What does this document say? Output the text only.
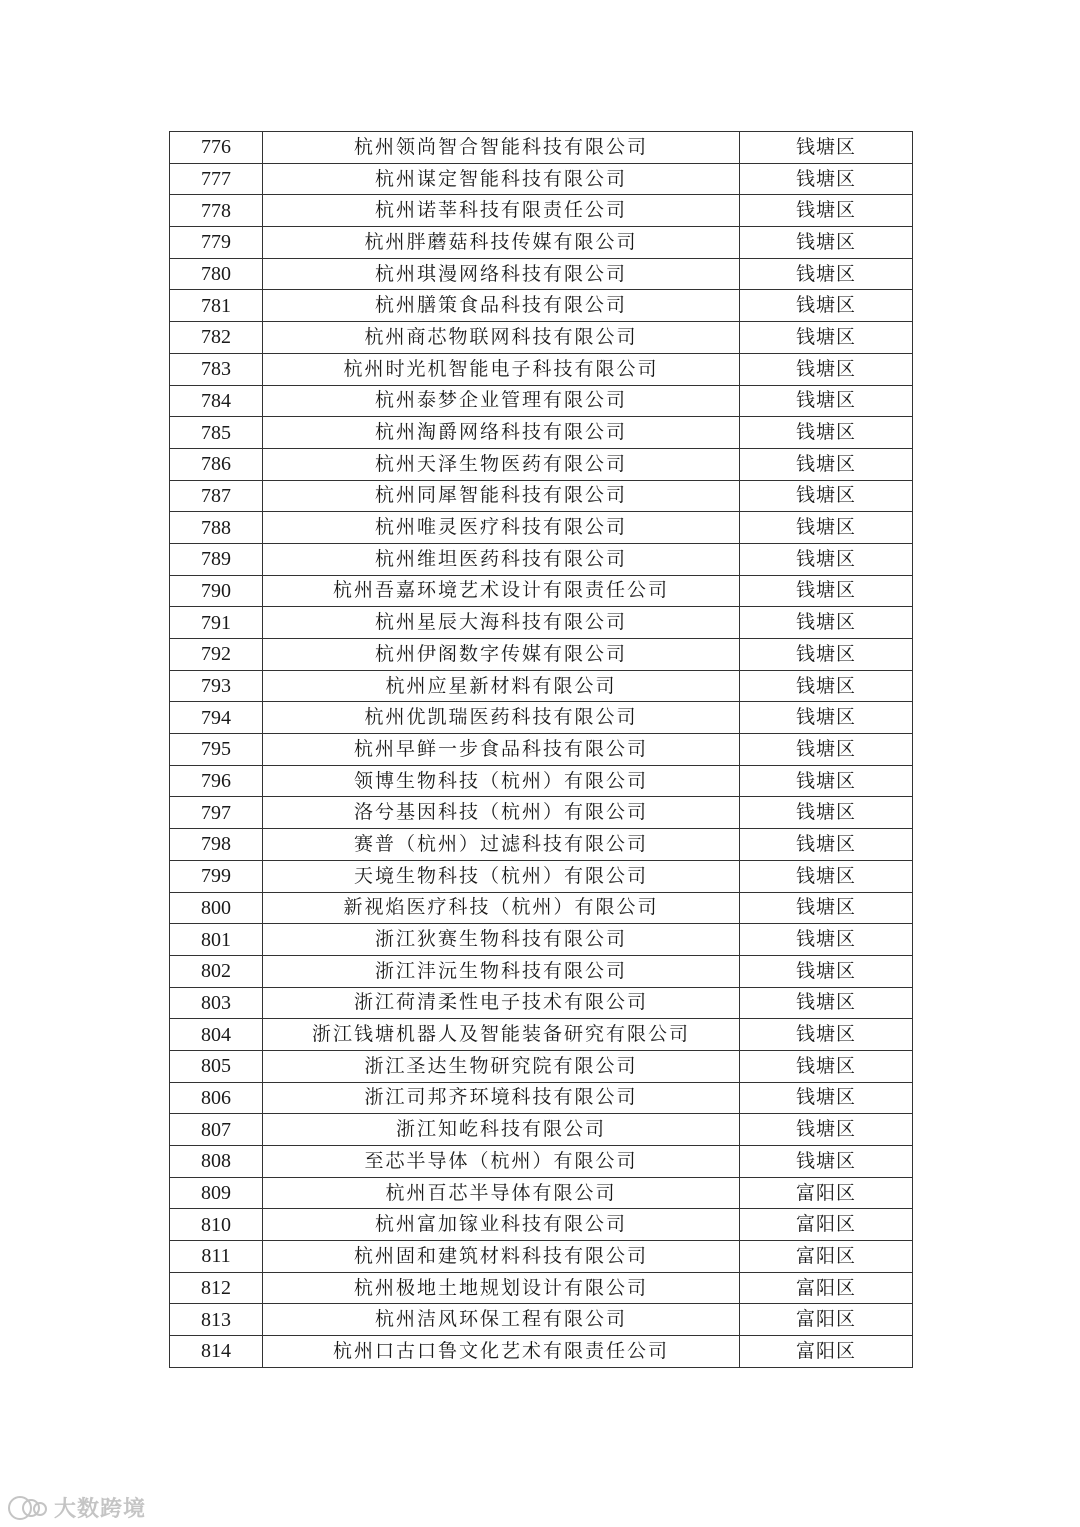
776	杭州领尚智合智能科技有限公司	钱塘区
777	杭州谋定智能科技有限公司	钱塘区
778	杭州诺莘科技有限责任公司	钱塘区
779	杭州胖蘑菇科技传媒有限公司	钱塘区
780	杭州琪漫网络科技有限公司	钱塘区
781	杭州膳策食品科技有限公司	钱塘区
782	杭州商芯物联网科技有限公司	钱塘区
783	杭州时光机智能电子科技有限公司	钱塘区
784	杭州泰梦企业管理有限公司	钱塘区
785	杭州淘爵网络科技有限公司	钱塘区
786	杭州天泽生物医药有限公司	钱塘区
787	杭州同犀智能科技有限公司	钱塘区
788	杭州唯灵医疗科技有限公司	钱塘区
789	杭州维坦医药科技有限公司	钱塘区
790	杭州吾嘉环境艺术设计有限责任公司	钱塘区
791	杭州星辰大海科技有限公司	钱塘区
792	杭州伊阁数字传媒有限公司	钱塘区
793	杭州应星新材料有限公司	钱塘区
794	杭州优凯瑞医药科技有限公司	钱塘区
795	杭州早鲜一步食品科技有限公司	钱塘区
796	领博生物科技（杭州）有限公司	钱塘区
797	洛兮基因科技（杭州）有限公司	钱塘区
798	赛普（杭州）过滤科技有限公司	钱塘区
799	天境生物科技（杭州）有限公司	钱塘区
800	新视焰医疗科技（杭州）有限公司	钱塘区
801	浙江狄赛生物科技有限公司	钱塘区
802	浙江沣沅生物科技有限公司	钱塘区
803	浙江荷清柔性电子技术有限公司	钱塘区
804	浙江钱塘机器人及智能装备研究有限公司	钱塘区
805	浙江圣达生物研究院有限公司	钱塘区
806	浙江司邦齐环境科技有限公司	钱塘区
807	浙江知屹科技有限公司	钱塘区
808	至芯半导体（杭州）有限公司	钱塘区
809	杭州百芯半导体有限公司	富阳区
810	杭州富加镓业科技有限公司	富阳区
811	杭州固和建筑材料科技有限公司	富阳区
812	杭州极地土地规划设计有限公司	富阳区
813	杭州洁风环保工程有限公司	富阳区
814	杭州口古口鲁文化艺术有限责任公司	富阳区
大数跨境
